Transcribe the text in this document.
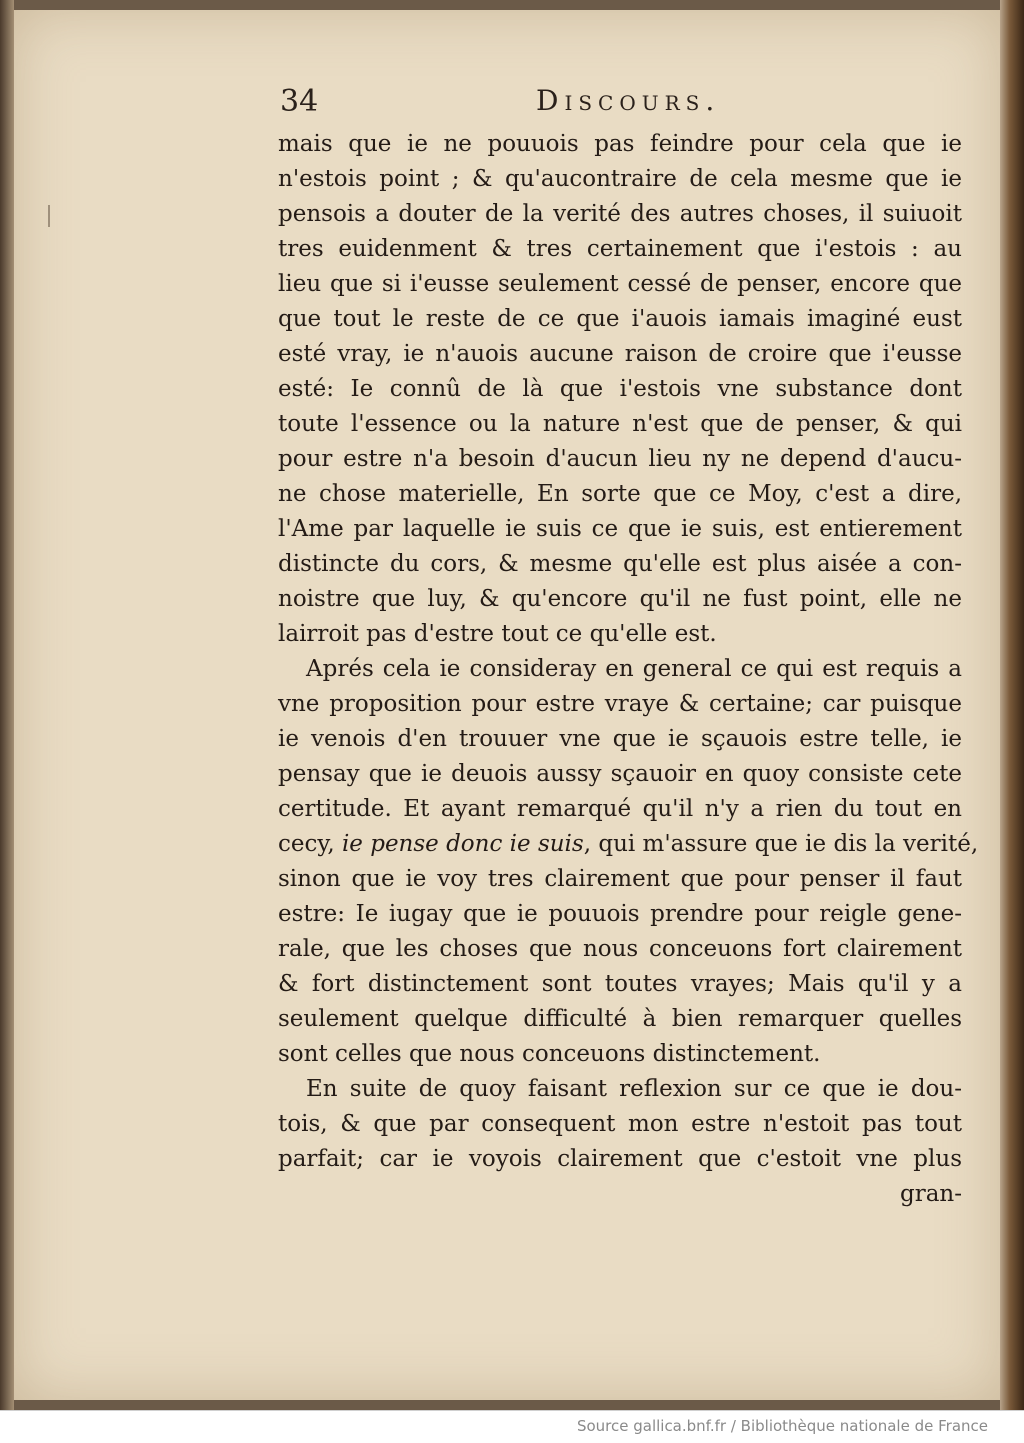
34	Discours.
mais que ie ne pouuois pas feindre pour cela que ie
n'estois point ; & qu'aucontraire de cela mesme que ie
pensois a douter de la verité des autres choses, il suiuoit
tres euidenment & tres certainement que i'estois : au
lieu que si i'eusse seulement cessé de penser, encore que
que tout le reste de ce que i'auois iamais imaginé eust
esté vray, ie n'auois aucune raison de croire que i'eusse
esté: Ie connû de là que i'estois vne substance dont
toute l'essence ou la nature n'est que de penser, & qui
pour estre n'a besoin d'aucun lieu ny ne depend d'aucu-
ne chose materielle, En sorte que ce Moy, c'est a dire,
l'Ame par laquelle ie suis ce que ie suis, est entierement
distincte du cors, & mesme qu'elle est plus aisée a con-
noistre que luy, & qu'encore qu'il ne fust point, elle ne
lairroit pas d'estre tout ce qu'elle est.
Aprés cela ie consideray en general ce qui est requis a
vne proposition pour estre vraye & certaine; car puisque
ie venois d'en trouuer vne que ie sçauois estre telle, ie
pensay que ie deuois aussy sçauoir en quoy consiste cete
certitude. Et ayant remarqué qu'il n'y a rien du tout en
cecy, ie pense donc ie suis, qui m'assure que ie dis la verité,
sinon que ie voy tres clairement que pour penser il faut
estre: Ie iugay que ie pouuois prendre pour reigle gene-
rale, que les choses que nous conceuons fort clairement
& fort distinctement sont toutes vrayes; Mais qu'il y a
seulement quelque difficulté à bien remarquer quelles
sont celles que nous conceuons distinctement.
En suite de quoy faisant reflexion sur ce que ie dou-
tois, & que par consequent mon estre n'estoit pas tout
parfait; car ie voyois clairement que c'estoit vne plus
gran-
Source gallica.bnf.fr / Bibliothèque nationale de France
